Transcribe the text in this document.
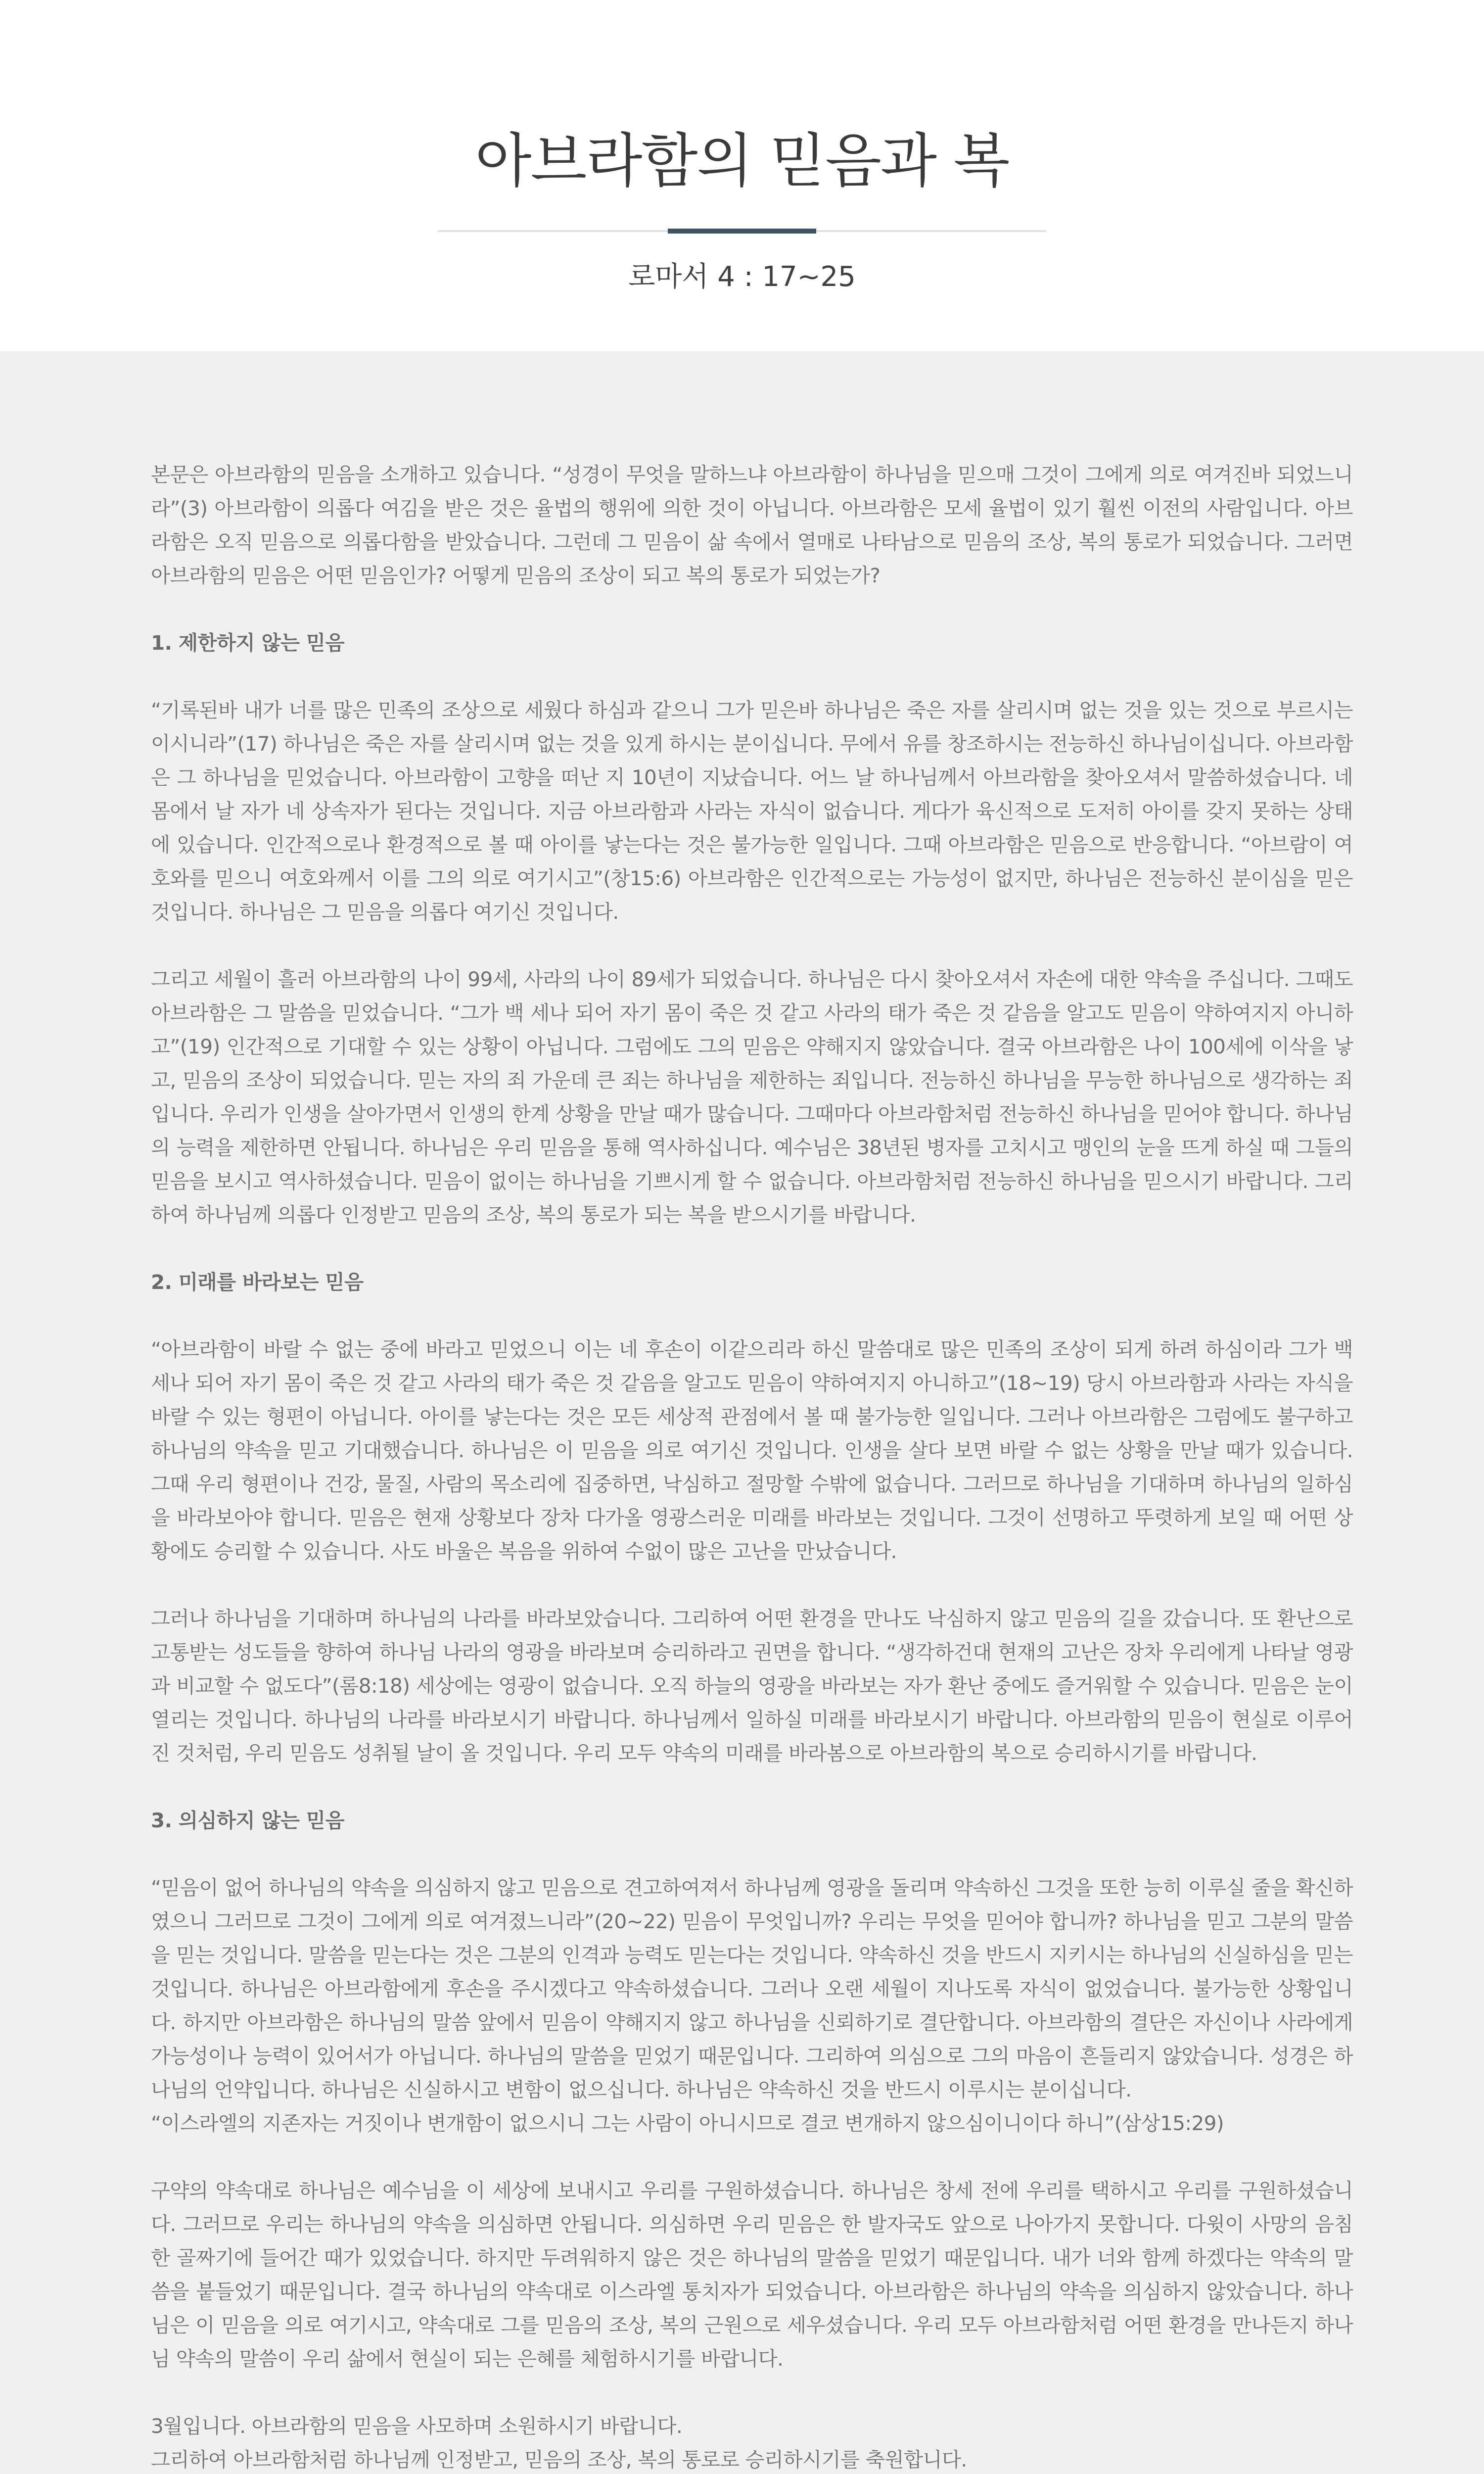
아브라함의 믿음과 복
로마서 4 : 17~25

본문은 아브라함의 믿음을 소개하고 있습니다. “성경이 무엇을 말하느냐 아브라함이 하나님을 믿으매 그것이 그에게 의로 여겨진바 되었느니라”(3) 아브라함이 의롭다 여김을 받은 것은 율법의 행위에 의한 것이 아닙니다. 아브라함은 모세 율법이 있기 훨씬 이전의 사람입니다. 아브라함은 오직 믿음으로 의롭다함을 받았습니다. 그런데 그 믿음이 삶 속에서 열매로 나타남으로 믿음의 조상, 복의 통로가 되었습니다. 그러면 아브라함의 믿음은 어떤 믿음인가? 어떻게 믿음의 조상이 되고 복의 통로가 되었는가?

1. 제한하지 않는 믿음

“기록된바 내가 너를 많은 민족의 조상으로 세웠다 하심과 같으니 그가 믿은바 하나님은 죽은 자를 살리시며 없는 것을 있는 것으로 부르시는 이시니라”(17) 하나님은 죽은 자를 살리시며 없는 것을 있게 하시는 분이십니다. 무에서 유를 창조하시는 전능하신 하나님이십니다. 아브라함은 그 하나님을 믿었습니다. 아브라함이 고향을 떠난 지 10년이 지났습니다. 어느 날 하나님께서 아브라함을 찾아오셔서 말씀하셨습니다. 네 몸에서 날 자가 네 상속자가 된다는 것입니다. 지금 아브라함과 사라는 자식이 없습니다. 게다가 육신적으로 도저히 아이를 갖지 못하는 상태에 있습니다. 인간적으로나 환경적으로 볼 때 아이를 낳는다는 것은 불가능한 일입니다. 그때 아브라함은 믿음으로 반응합니다. “아브람이 여호와를 믿으니 여호와께서 이를 그의 의로 여기시고”(창15:6) 아브라함은 인간적으로는 가능성이 없지만, 하나님은 전능하신 분이심을 믿은 것입니다. 하나님은 그 믿음을 의롭다 여기신 것입니다.

그리고 세월이 흘러 아브라함의 나이 99세, 사라의 나이 89세가 되었습니다. 하나님은 다시 찾아오셔서 자손에 대한 약속을 주십니다. 그때도 아브라함은 그 말씀을 믿었습니다. “그가 백 세나 되어 자기 몸이 죽은 것 같고 사라의 태가 죽은 것 같음을 알고도 믿음이 약하여지지 아니하고”(19) 인간적으로 기대할 수 있는 상황이 아닙니다. 그럼에도 그의 믿음은 약해지지 않았습니다. 결국 아브라함은 나이 100세에 이삭을 낳고, 믿음의 조상이 되었습니다. 믿는 자의 죄 가운데 큰 죄는 하나님을 제한하는 죄입니다. 전능하신 하나님을 무능한 하나님으로 생각하는 죄입니다. 우리가 인생을 살아가면서 인생의 한계 상황을 만날 때가 많습니다. 그때마다 아브라함처럼 전능하신 하나님을 믿어야 합니다. 하나님의 능력을 제한하면 안됩니다. 하나님은 우리 믿음을 통해 역사하십니다. 예수님은 38년된 병자를 고치시고 맹인의 눈을 뜨게 하실 때 그들의 믿음을 보시고 역사하셨습니다. 믿음이 없이는 하나님을 기쁘시게 할 수 없습니다. 아브라함처럼 전능하신 하나님을 믿으시기 바랍니다. 그리하여 하나님께 의롭다 인정받고 믿음의 조상, 복의 통로가 되는 복을 받으시기를 바랍니다.

2. 미래를 바라보는 믿음

“아브라함이 바랄 수 없는 중에 바라고 믿었으니 이는 네 후손이 이같으리라 하신 말씀대로 많은 민족의 조상이 되게 하려 하심이라 그가 백 세나 되어 자기 몸이 죽은 것 같고 사라의 태가 죽은 것 같음을 알고도 믿음이 약하여지지 아니하고”(18~19) 당시 아브라함과 사라는 자식을 바랄 수 있는 형편이 아닙니다. 아이를 낳는다는 것은 모든 세상적 관점에서 볼 때 불가능한 일입니다. 그러나 아브라함은 그럼에도 불구하고 하나님의 약속을 믿고 기대했습니다. 하나님은 이 믿음을 의로 여기신 것입니다. 인생을 살다 보면 바랄 수 없는 상황을 만날 때가 있습니다. 그때 우리 형편이나 건강, 물질, 사람의 목소리에 집중하면, 낙심하고 절망할 수밖에 없습니다. 그러므로 하나님을 기대하며 하나님의 일하심을 바라보아야 합니다. 믿음은 현재 상황보다 장차 다가올 영광스러운 미래를 바라보는 것입니다. 그것이 선명하고 뚜렷하게 보일 때 어떤 상황에도 승리할 수 있습니다. 사도 바울은 복음을 위하여 수없이 많은 고난을 만났습니다.

그러나 하나님을 기대하며 하나님의 나라를 바라보았습니다. 그리하여 어떤 환경을 만나도 낙심하지 않고 믿음의 길을 갔습니다. 또 환난으로 고통받는 성도들을 향하여 하나님 나라의 영광을 바라보며 승리하라고 권면을 합니다. “생각하건대 현재의 고난은 장차 우리에게 나타날 영광과 비교할 수 없도다”(롬8:18) 세상에는 영광이 없습니다. 오직 하늘의 영광을 바라보는 자가 환난 중에도 즐거워할 수 있습니다. 믿음은 눈이 열리는 것입니다. 하나님의 나라를 바라보시기 바랍니다. 하나님께서 일하실 미래를 바라보시기 바랍니다. 아브라함의 믿음이 현실로 이루어진 것처럼, 우리 믿음도 성취될 날이 올 것입니다. 우리 모두 약속의 미래를 바라봄으로 아브라함의 복으로 승리하시기를 바랍니다.

3. 의심하지 않는 믿음

“믿음이 없어 하나님의 약속을 의심하지 않고 믿음으로 견고하여져서 하나님께 영광을 돌리며 약속하신 그것을 또한 능히 이루실 줄을 확신하였으니 그러므로 그것이 그에게 의로 여겨졌느니라”(20~22) 믿음이 무엇입니까? 우리는 무엇을 믿어야 합니까? 하나님을 믿고 그분의 말씀을 믿는 것입니다. 말씀을 믿는다는 것은 그분의 인격과 능력도 믿는다는 것입니다. 약속하신 것을 반드시 지키시는 하나님의 신실하심을 믿는 것입니다. 하나님은 아브라함에게 후손을 주시겠다고 약속하셨습니다. 그러나 오랜 세월이 지나도록 자식이 없었습니다. 불가능한 상황입니다. 하지만 아브라함은 하나님의 말씀 앞에서 믿음이 약해지지 않고 하나님을 신뢰하기로 결단합니다. 아브라함의 결단은 자신이나 사라에게 가능성이나 능력이 있어서가 아닙니다. 하나님의 말씀을 믿었기 때문입니다. 그리하여 의심으로 그의 마음이 흔들리지 않았습니다. 성경은 하나님의 언약입니다. 하나님은 신실하시고 변함이 없으십니다. 하나님은 약속하신 것을 반드시 이루시는 분이십니다.
“이스라엘의 지존자는 거짓이나 변개함이 없으시니 그는 사람이 아니시므로 결코 변개하지 않으심이니이다 하니”(삼상15:29)

구약의 약속대로 하나님은 예수님을 이 세상에 보내시고 우리를 구원하셨습니다. 하나님은 창세 전에 우리를 택하시고 우리를 구원하셨습니다. 그러므로 우리는 하나님의 약속을 의심하면 안됩니다. 의심하면 우리 믿음은 한 발자국도 앞으로 나아가지 못합니다. 다윗이 사망의 음침한 골짜기에 들어간 때가 있었습니다. 하지만 두려워하지 않은 것은 하나님의 말씀을 믿었기 때문입니다. 내가 너와 함께 하겠다는 약속의 말씀을 붙들었기 때문입니다. 결국 하나님의 약속대로 이스라엘 통치자가 되었습니다. 아브라함은 하나님의 약속을 의심하지 않았습니다. 하나님은 이 믿음을 의로 여기시고, 약속대로 그를 믿음의 조상, 복의 근원으로 세우셨습니다. 우리 모두 아브라함처럼 어떤 환경을 만나든지 하나님 약속의 말씀이 우리 삶에서 현실이 되는 은혜를 체험하시기를 바랍니다.

3월입니다. 아브라함의 믿음을 사모하며 소원하시기 바랍니다.
그리하여 아브라함처럼 하나님께 인정받고, 믿음의 조상, 복의 통로로 승리하시기를 축원합니다.
